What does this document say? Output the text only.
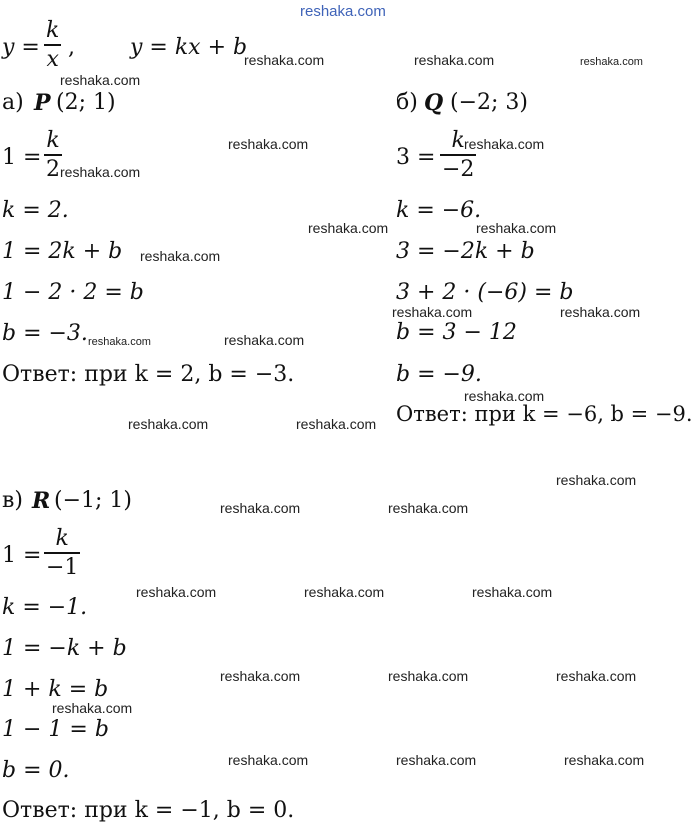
reshaka.com
y =
k
x ,	y = kx + b
а) P (2; 1)
1 =
k
2
k = 2.
1 = 2k + b
1 − 2 · 2 = b
b = −3.
Ответ: при k = 2, b = −3.
б) Q (−2; 3)
3 =
k
−2
k = −6.
3 = −2k + b
3 + 2 · (−6) = b
b = 3 − 12
b = −9.
Ответ: при k = −6, b = −9.
в) R (−1; 1)
1 =
k
−1
k = −1.
1 = −k + b
1 + k = b
1 − 1 = b
b = 0.
Ответ: при k = −1, b = 0.
reshaka.com	reshaka.com	reshaka.com
reshaka.com
reshaka.com	reshaka.com
reshaka.com
reshaka.com	reshaka.com
reshaka.com
reshaka.com	reshaka.com
reshaka.com
reshaka.com
reshaka.com
reshaka.com	reshaka.com
reshaka.com
reshaka.com	reshaka.com
reshaka.com	reshaka.com	reshaka.com
reshaka.com	reshaka.com	reshaka.com
reshaka.com
reshaka.com	reshaka.com	reshaka.com
